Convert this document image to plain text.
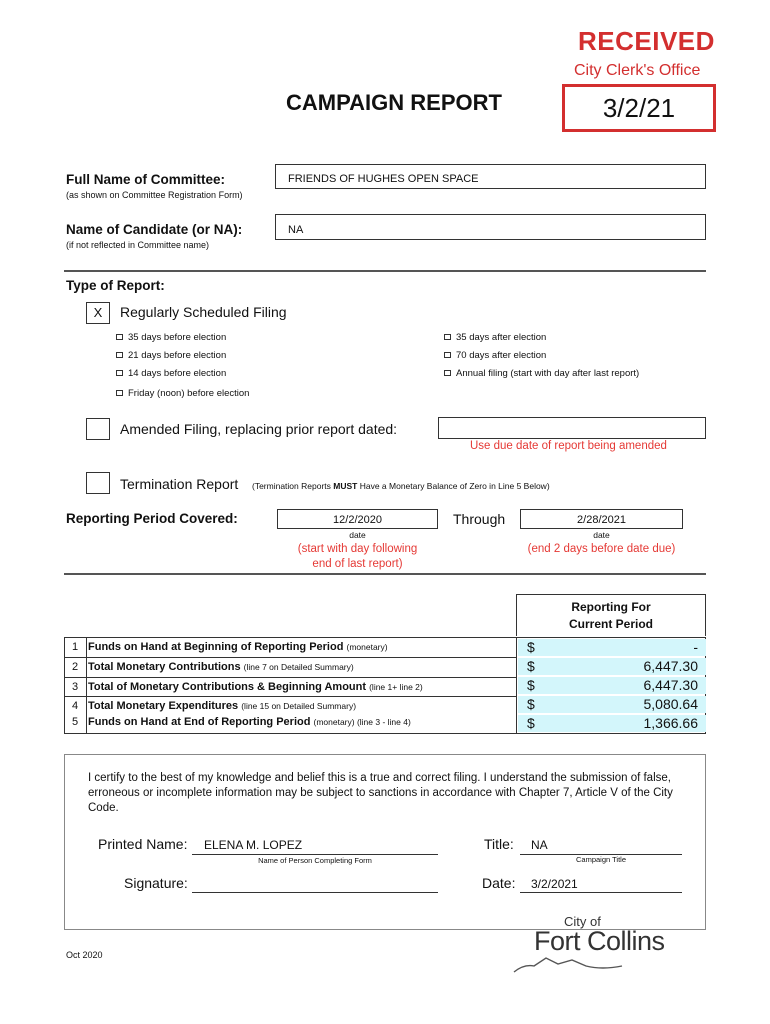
RECEIVED
City Clerk's Office
3/2/21
CAMPAIGN REPORT
Full Name of Committee:
(as shown on Committee Registration Form)
FRIENDS OF HUGHES OPEN SPACE
Name of Candidate (or NA):
(if not reflected in Committee name)
NA
Type of Report:
X	Regularly Scheduled Filing
35 days before election
21 days before election
14 days before election
Friday (noon) before election
35 days after election
70 days after election
Annual filing (start with day after last report)
Amended Filing, replacing prior report dated:
Use due date of report being amended
Termination Report (Termination Reports MUST Have a Monetary Balance of Zero in Line 5 Below)
Reporting Period Covered:	12/2/2020
date
(start with day following
end of last report)
Through	2/28/2021
date
(end 2 days before date due)
Reporting For
Current Period
1 Funds on Hand at Beginning of Reporting Period (monetary)	$	-
2 Total Monetary Contributions (line 7 on Detailed Summary)	$	6,447.30
3 Total of Monetary Contributions & Beginning Amount (line 1+ line 2)	$	6,447.30
4 Total Monetary Expenditures (line 15 on Detailed Summary)	$	5,080.64
5 Funds on Hand at End of Reporting Period (monetary) (line 3 - line 4)	$	1,366.66
I certify to the best of my knowledge and belief this is a true and correct filing. I understand the submission of false, erroneous or incomplete information may be subject to sanctions in accordance with Chapter 7, Article V of the City Code.
Printed Name: ELENA M. LOPEZ
Name of Person Completing Form
Title: NA
Campaign Title
Signature:	Date: 3/2/2021
Oct 2020
City of
Fort Collins
